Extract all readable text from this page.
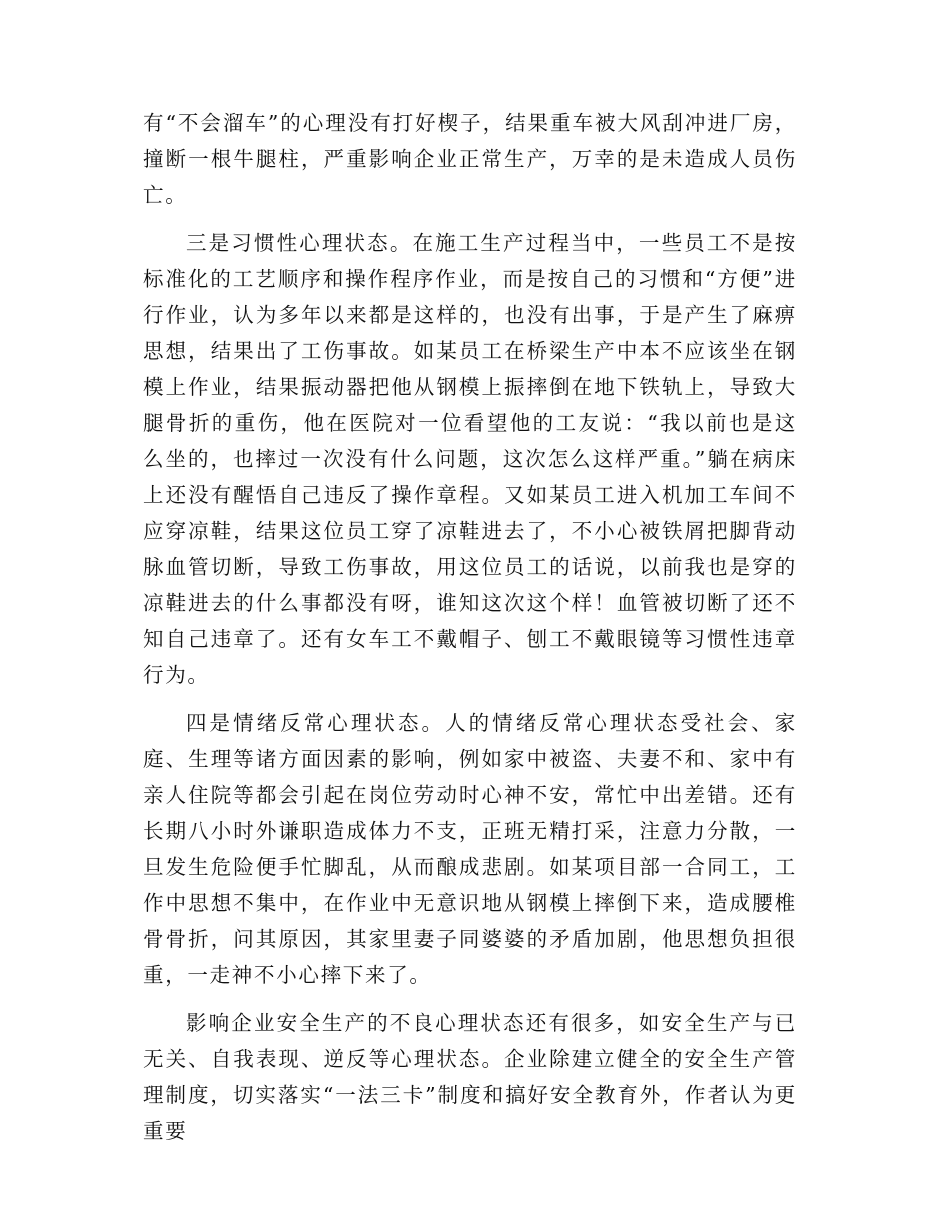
有“不会溜车”的心理没有打好楔子，结果重车被大风刮冲进厂房，撞断一根牛腿柱，严重影响企业正常生产，万幸的是未造成人员伤亡。

三是习惯性心理状态。在施工生产过程当中，一些员工不是按标准化的工艺顺序和操作程序作业，而是按自己的习惯和“方便”进行作业，认为多年以来都是这样的，也没有出事，于是产生了麻痹思想，结果出了工伤事故。如某员工在桥梁生产中本不应该坐在钢模上作业，结果振动器把他从钢模上振摔倒在地下铁轨上，导致大腿骨折的重伤，他在医院对一位看望他的工友说：“我以前也是这么坐的，也摔过一次没有什么问题，这次怎么这样严重。”躺在病床上还没有醒悟自己违反了操作章程。又如某员工进入机加工车间不应穿凉鞋，结果这位员工穿了凉鞋进去了，不小心被铁屑把脚背动脉血管切断，导致工伤事故，用这位员工的话说，以前我也是穿的凉鞋进去的什么事都没有呀，谁知这次这个样！血管被切断了还不知自己违章了。还有女车工不戴帽子、刨工不戴眼镜等习惯性违章行为。

四是情绪反常心理状态。人的情绪反常心理状态受社会、家庭、生理等诸方面因素的影响，例如家中被盗、夫妻不和、家中有亲人住院等都会引起在岗位劳动时心神不安，常忙中出差错。还有长期八小时外谦职造成体力不支，正班无精打采，注意力分散，一旦发生危险便手忙脚乱，从而酿成悲剧。如某项目部一合同工，工作中思想不集中，在作业中无意识地从钢模上摔倒下来，造成腰椎骨骨折，问其原因，其家里妻子同婆婆的矛盾加剧，他思想负担很重，一走神不小心摔下来了。

影响企业安全生产的不良心理状态还有很多，如安全生产与已无关、自我表现、逆反等心理状态。企业除建立健全的安全生产管理制度，切实落实“一法三卡”制度和搞好安全教育外，作者认为更重要
